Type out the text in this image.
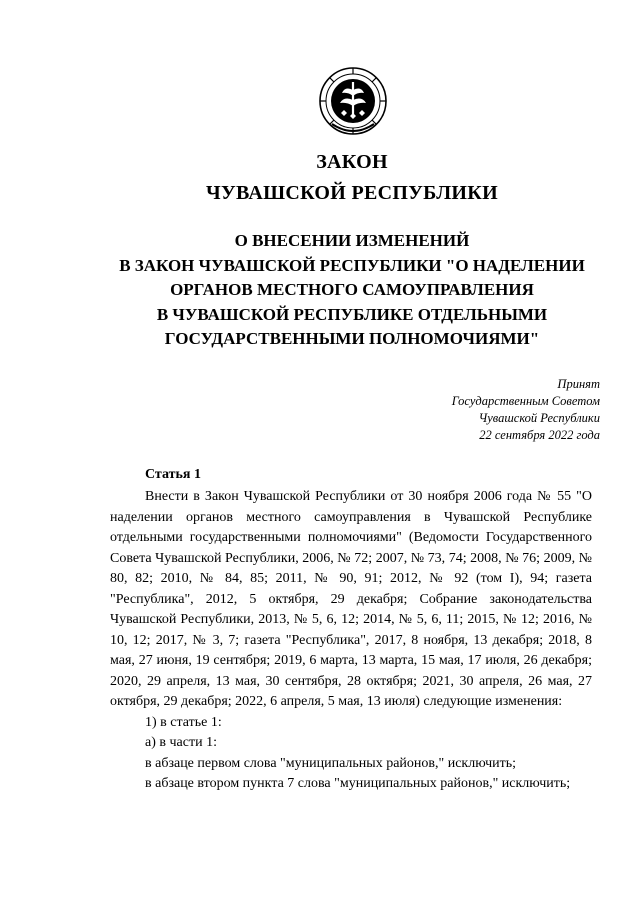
ЗАКОН
ЧУВАШСКОЙ РЕСПУБЛИКИ
О ВНЕСЕНИИ ИЗМЕНЕНИЙ
В ЗАКОН ЧУВАШСКОЙ РЕСПУБЛИКИ "О НАДЕЛЕНИИ
ОРГАНОВ МЕСТНОГО САМОУПРАВЛЕНИЯ
В ЧУВАШСКОЙ РЕСПУБЛИКЕ ОТДЕЛЬНЫМИ
ГОСУДАРСТВЕННЫМИ ПОЛНОМОЧИЯМИ"
Принят
Государственным Советом
Чувашской Республики
22 сентября 2022 года
Статья 1

Внести в Закон Чувашской Республики от 30 ноября 2006 года № 55 "О наделении органов местного самоуправления в Чувашской Республике отдельными государственными полномочиями" (Ведомости Государственного Совета Чувашской Республики, 2006, № 72; 2007, № 73, 74; 2008, № 76; 2009, № 80, 82; 2010, № 84, 85; 2011, № 90, 91; 2012, № 92 (том I), 94; газета "Республика", 2012, 5 октября, 29 декабря; Собрание законодательства Чувашской Республики, 2013, № 5, 6, 12; 2014, № 5, 6, 11; 2015, № 12; 2016, № 10, 12; 2017, № 3, 7; газета "Республика", 2017, 8 ноября, 13 декабря; 2018, 8 мая, 27 июня, 19 сентября; 2019, 6 марта, 13 марта, 15 мая, 17 июля, 26 декабря; 2020, 29 апреля, 13 мая, 30 сентября, 28 октября; 2021, 30 апреля, 26 мая, 27 октября, 29 декабря; 2022, 6 апреля, 5 мая, 13 июля) следующие изменения:

1) в статье 1:

а) в части 1:

в абзаце первом слова "муниципальных районов," исключить;

в абзаце втором пункта 7 слова "муниципальных районов," исключить;
